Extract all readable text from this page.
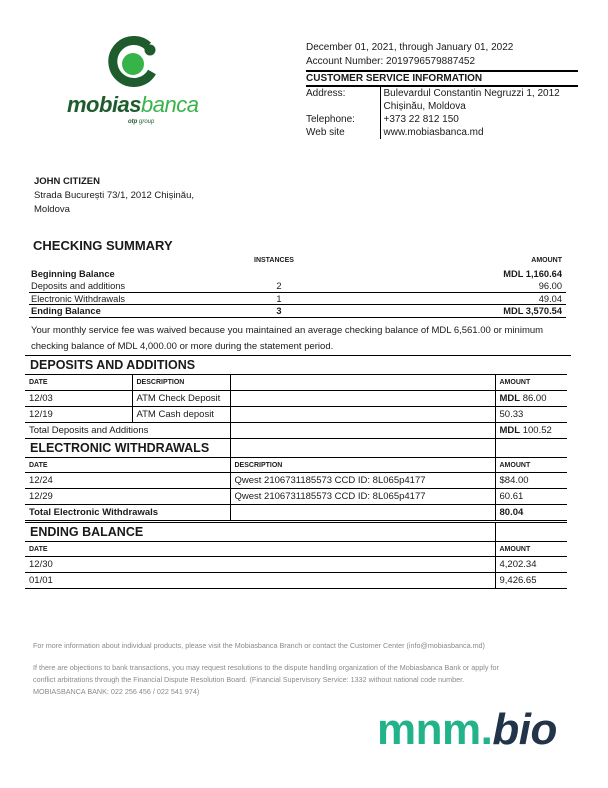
mobiasbanca
otp group
December 01, 2021, through January 01, 2022
Account Number: 2019796579887452
CUSTOMER SERVICE INFORMATION
Address:	Bulevardul Constantin Negruzzi 1, 2012
Chișinău, Moldova

Telephone:	+373 22 812 150
Web site	www.mobiasbanca.md
JOHN CITIZEN
Strada București 73/1, 2012 Chișinău,
Moldova
CHECKING SUMMARY
INSTANCES	AMOUNT
Beginning Balance	MDL 1,160.64
Deposits and additions	2	96.00
Electronic Withdrawals	1	49.04
Ending Balance	3	MDL 3,570.54
Your monthly service fee was waived because you maintained an average checking balance of MDL 6,561.00 or minimum checking balance of MDL 4,000.00 or more during the statement period.
DEPOSITS AND ADDITIONS			
DATE	DESCRIPTION		AMOUNT
12/03	ATM Check Deposit		MDL 86.00
12/19	ATM Cash deposit		50.33
Total Deposits and Additions			MDL 100.52
ELECTRONIC WITHDRAWALS		
DATE	DESCRIPTION	AMOUNT
12/24	Qwest 2106731185573 CCD ID: 8L065p4177	$84.00
12/29	Qwest 2106731185573 CCD ID: 8L065p4177	60.61
Total Electronic Withdrawals		80.04
ENDING BALANCE	
DATE	AMOUNT
12/30	4,202.34
01/01	9,426.65
For more information about individual products, please visit the Mobiasbanca Branch or contact the Customer Center (info@mobiasbanca.md)
If there are objections to bank transactions, you may request resolutions to the dispute handling organization of the Mobiasbanca Bank or apply for
conflict arbitrations through the Financial Dispute Resolution Board. (Financial Supervisory Service: 1332 without national code number.
MOBIASBANCA BANK: 022 256 456 / 022 541 974)
mnm.bio
